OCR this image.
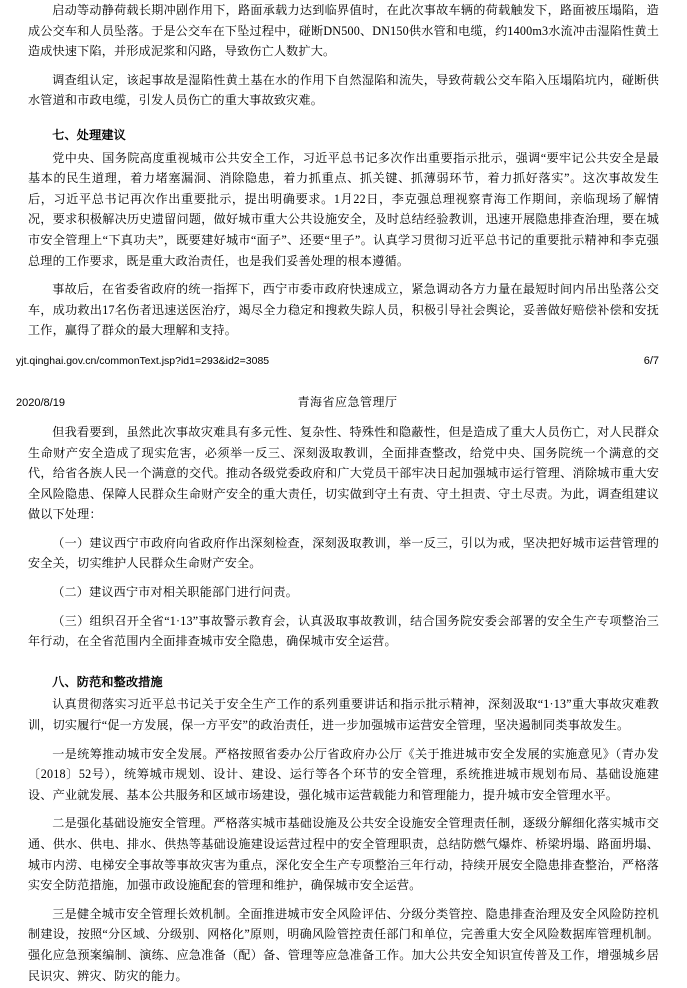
启动等动静荷载长期冲剧作用下，路面承载力达到临界值时，在此次事故车辆的荷载触发下，路面被压塌陷，造成公交车和人员坠落。于是公交车在下坠过程中，碰断DN500、DN150供水管和电缆，约1400m3水流冲击湿陷性黄土造成快速下陷，并形成泥浆和闪路，导致伤亡人数扩大。

调查组认定，该起事故是湿陷性黄土基在水的作用下自然湿陷和流失，导致荷载公交车陷入压塌陷坑内，碰断供水管道和市政电缆，引发人员伤亡的重大事故致灾难。

七、处理建议

党中央、国务院高度重视城市公共安全工作，习近平总书记多次作出重要指示批示，强调“要牢记公共安全是最基本的民生道理，着力堵塞漏洞、消除隐患，着力抓重点、抓关键、抓薄弱环节，着力抓好落实”。这次事故发生后，习近平总书记再次作出重要批示，提出明确要求。1月22日，李克强总理视察青海工作期间，亲临现场了解情况，要求积极解决历史遗留问题，做好城市重大公共设施安全，及时总结经验教训，迅速开展隐患排查治理，要在城市安全管理上“下真功夫”，既要建好城市“面子”、还要“里子”。认真学习贯彻习近平总书记的重要批示精神和李克强总理的工作要求，既是重大政治责任，也是我们妥善处理的根本遵循。

事故后，在省委省政府的统一指挥下，西宁市委市政府快速成立，紧急调动各方力量在最短时间内吊出坠落公交车，成功救出17名伤者迅速送医治疗，竭尽全力稳定和搜救失踪人员，积极引导社会舆论，妥善做好赔偿补偿和安抚工作，赢得了群众的最大理解和支持。

yjt.qinghai.gov.cn/commonText.jsp?id1=293&id2=3085	6/7
2020/8/19	青海省应急管理厅

但我看要到，虽然此次事故灾难具有多元性、复杂性、特殊性和隐蔽性，但是造成了重大人员伤亡，对人民群众生命财产安全造成了现实危害，必须举一反三、深刻汲取教训，全面排查整改，给党中央、国务院统一个满意的交代，给省各族人民一个满意的交代。推动各级党委政府和广大党员干部牢决日起加强城市运行管理、消除城市重大安全风险隐患、保障人民群众生命财产安全的重大责任，切实做到守土有责、守土担责、守土尽责。为此，调查组建议做以下处理：

（一）建议西宁市政府向省政府作出深刻检查，深刻汲取教训，举一反三，引以为戒，坚决把好城市运营管理的安全关，切实维护人民群众生命财产安全。

（二）建议西宁市对相关职能部门进行问责。

（三）组织召开全省“1·13”事故警示教育会，认真汲取事故教训，结合国务院安委会部署的安全生产专项整治三年行动，在全省范围内全面排查城市安全隐患，确保城市安全运营。

八、防范和整改措施

认真贯彻落实习近平总书记关于安全生产工作的系列重要讲话和指示批示精神，深刻汲取“1·13”重大事故灾难教训，切实履行“促一方发展，保一方平安”的政治责任，进一步加强城市运营安全管理，坚决遏制同类事故发生。

一是统筹推动城市安全发展。严格按照省委办公厅省政府办公厅《关于推进城市安全发展的实施意见》（青办发〔2018〕52号），统筹城市规划、设计、建设、运行等各个环节的安全管理，系统推进城市规划布局、基础设施建设、产业就发展、基本公共服务和区域市场建设，强化城市运营载能力和管理能力，提升城市安全管理水平。

二是强化基础设施安全管理。严格落实城市基础设施及公共安全设施安全管理责任制，逐级分解细化落实城市交通、供水、供电、排水、供热等基础设施建设运营过程中的安全管理职责，总结防燃气爆炸、桥梁坍塌、路面坍塌、城市内涝、电梯安全事故等事故灾害为重点，深化安全生产专项整治三年行动，持续开展安全隐患排查整治，严格落实安全防范措施，加强市政设施配套的管理和维护，确保城市安全运营。

三是健全城市安全管理长效机制。全面推进城市安全风险评估、分级分类管控、隐患排查治理及安全风险防控机制建设，按照“分区域、分级别、网格化”原则，明确风险管控责任部门和单位，完善重大安全风险数据库管理机制。强化应急预案编制、演练、应急准备（配）备、管理等应急准备工作。加大公共安全知识宣传普及工作，增强城乡居民识灾、辨灾、防灾的能力。
